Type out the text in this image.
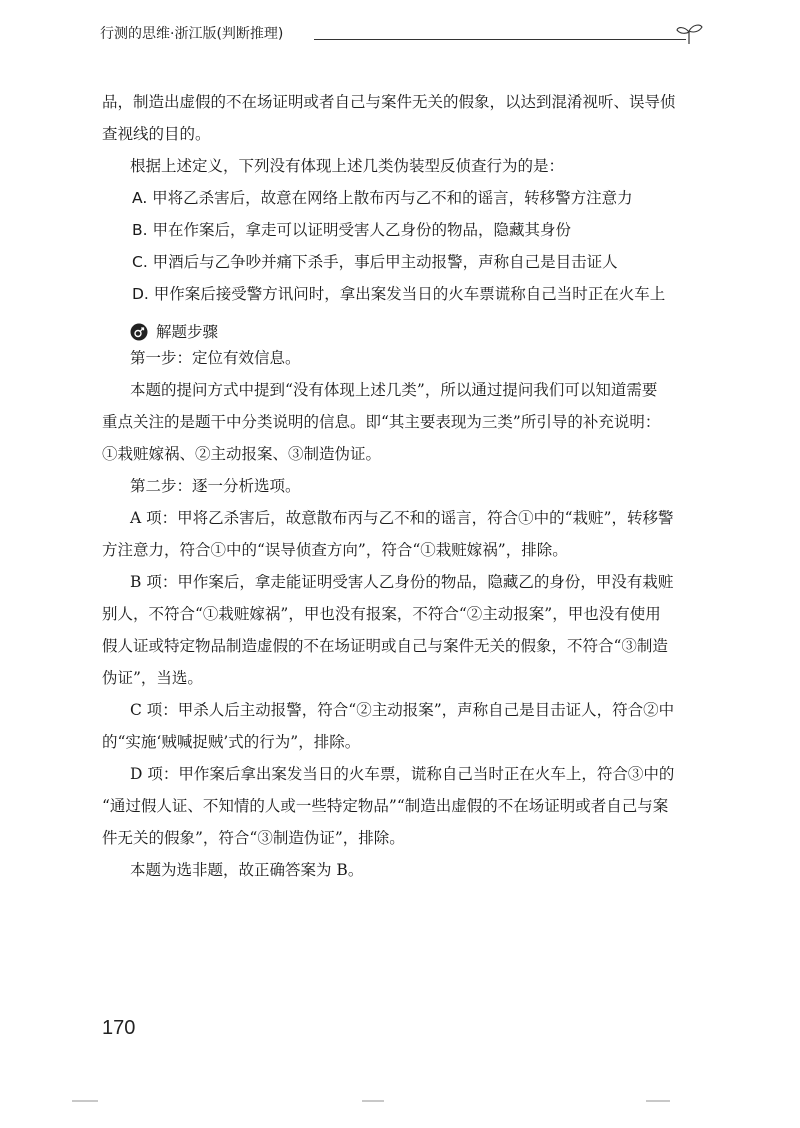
行测的思维·浙江版(判断推理)
品，制造出虚假的不在场证明或者自己与案件无关的假象，以达到混淆视听、误导侦
查视线的目的。
根据上述定义，下列没有体现上述几类伪装型反侦查行为的是：
A. 甲将乙杀害后，故意在网络上散布丙与乙不和的谣言，转移警方注意力
B. 甲在作案后，拿走可以证明受害人乙身份的物品，隐藏其身份
C. 甲酒后与乙争吵并痛下杀手，事后甲主动报警，声称自己是目击证人
D. 甲作案后接受警方讯问时，拿出案发当日的火车票谎称自己当时正在火车上
解题步骤
第一步：定位有效信息。
本题的提问方式中提到“没有体现上述几类”，所以通过提问我们可以知道需要
重点关注的是题干中分类说明的信息。即“其主要表现为三类”所引导的补充说明：
①栽赃嫁祸、②主动报案、③制造伪证。
第二步：逐一分析选项。
A 项：甲将乙杀害后，故意散布丙与乙不和的谣言，符合①中的“栽赃”，转移警
方注意力，符合①中的“误导侦查方向”，符合“①栽赃嫁祸”，排除。
B 项：甲作案后，拿走能证明受害人乙身份的物品，隐藏乙的身份，甲没有栽赃
别人，不符合“①栽赃嫁祸”，甲也没有报案，不符合“②主动报案”，甲也没有使用
假人证或特定物品制造虚假的不在场证明或自己与案件无关的假象，不符合“③制造
伪证”，当选。
C 项：甲杀人后主动报警，符合“②主动报案”，声称自己是目击证人，符合②中
的“实施‘贼喊捉贼’式的行为”，排除。
D 项：甲作案后拿出案发当日的火车票，谎称自己当时正在火车上，符合③中的
“通过假人证、不知情的人或一些特定物品”“制造出虚假的不在场证明或者自己与案
件无关的假象”，符合“③制造伪证”，排除。
本题为选非题，故正确答案为 B。
170
